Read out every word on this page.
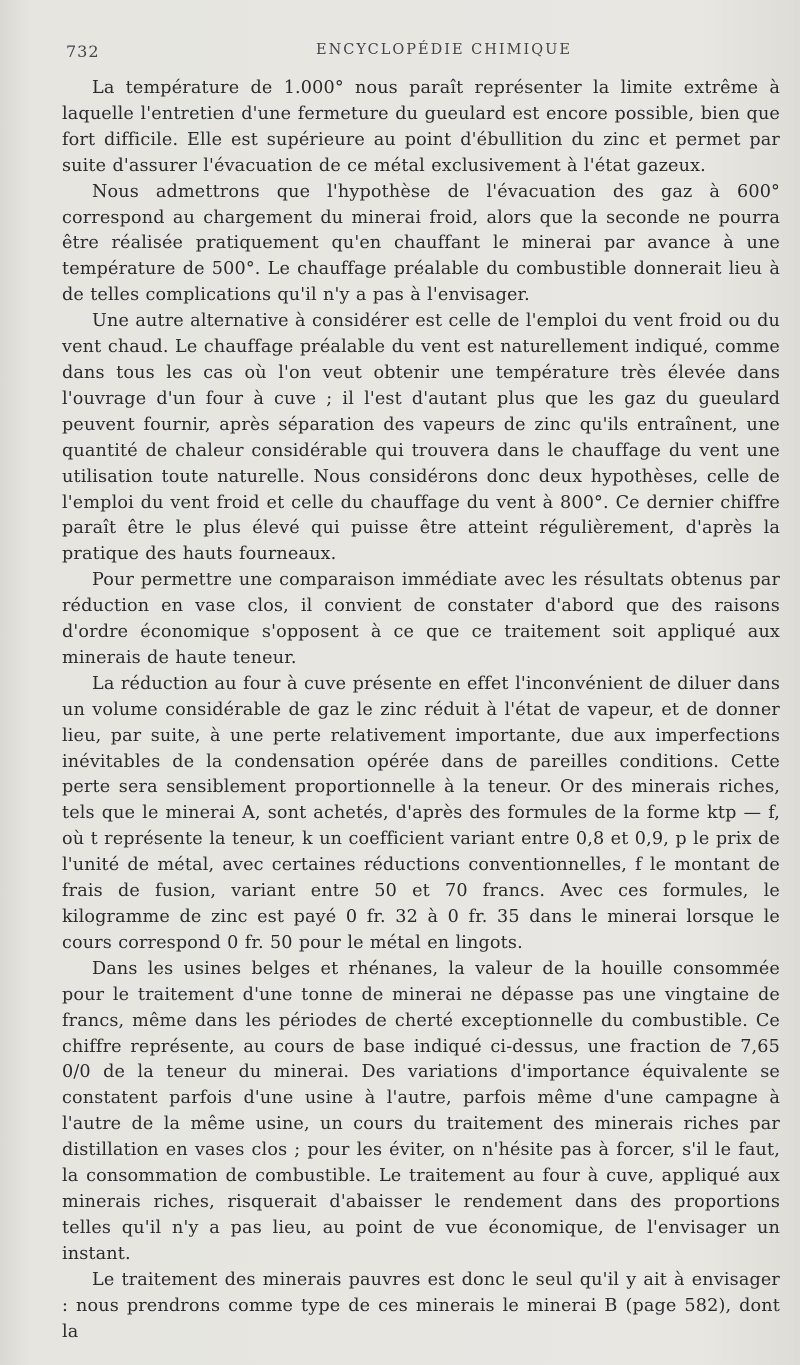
732	ENCYCLOPÉDIE CHIMIQUE

La température de 1.000° nous paraît représenter la limite extrême à laquelle l'entretien d'une fermeture du gueulard est encore possible, bien que fort difficile. Elle est supérieure au point d'ébullition du zinc et permet par suite d'assurer l'évacuation de ce métal exclusivement à l'état gazeux.

Nous admettrons que l'hypothèse de l'évacuation des gaz à 600° correspond au chargement du minerai froid, alors que la seconde ne pourra être réalisée pratiquement qu'en chauffant le minerai par avance à une température de 500°. Le chauffage préalable du combustible donnerait lieu à de telles complications qu'il n'y a pas à l'envisager.

Une autre alternative à considérer est celle de l'emploi du vent froid ou du vent chaud. Le chauffage préalable du vent est naturellement indiqué, comme dans tous les cas où l'on veut obtenir une température très élevée dans l'ouvrage d'un four à cuve ; il l'est d'autant plus que les gaz du gueulard peuvent fournir, après séparation des vapeurs de zinc qu'ils entraînent, une quantité de chaleur considérable qui trouvera dans le chauffage du vent une utilisation toute naturelle. Nous considérons donc deux hypothèses, celle de l'emploi du vent froid et celle du chauffage du vent à 800°. Ce dernier chiffre paraît être le plus élevé qui puisse être atteint régulièrement, d'après la pratique des hauts fourneaux.

Pour permettre une comparaison immédiate avec les résultats obtenus par réduction en vase clos, il convient de constater d'abord que des raisons d'ordre économique s'opposent à ce que ce traitement soit appliqué aux minerais de haute teneur.

La réduction au four à cuve présente en effet l'inconvénient de diluer dans un volume considérable de gaz le zinc réduit à l'état de vapeur, et de donner lieu, par suite, à une perte relativement importante, due aux imperfections inévitables de la condensation opérée dans de pareilles conditions. Cette perte sera sensiblement proportionnelle à la teneur. Or des minerais riches, tels que le minerai A, sont achetés, d'après des formules de la forme ktp — f, où t représente la teneur, k un coefficient variant entre 0,8 et 0,9, p le prix de l'unité de métal, avec certaines réductions conventionnelles, f le montant de frais de fusion, variant entre 50 et 70 francs. Avec ces formules, le kilogramme de zinc est payé 0 fr. 32 à 0 fr. 35 dans le minerai lorsque le cours correspond 0 fr. 50 pour le métal en lingots.

Dans les usines belges et rhénanes, la valeur de la houille consommée pour le traitement d'une tonne de minerai ne dépasse pas une vingtaine de francs, même dans les périodes de cherté exceptionnelle du combustible. Ce chiffre représente, au cours de base indiqué ci-dessus, une fraction de 7,65 0/0 de la teneur du minerai. Des variations d'importance équivalente se constatent parfois d'une usine à l'autre, parfois même d'une campagne à l'autre de la même usine, un cours du traitement des minerais riches par distillation en vases clos ; pour les éviter, on n'hésite pas à forcer, s'il le faut, la consommation de combustible. Le traitement au four à cuve, appliqué aux minerais riches, risquerait d'abaisser le rendement dans des proportions telles qu'il n'y a pas lieu, au point de vue économique, de l'envisager un instant.

Le traitement des minerais pauvres est donc le seul qu'il y ait à envisager : nous prendrons comme type de ces minerais le minerai B (page 582), dont la
